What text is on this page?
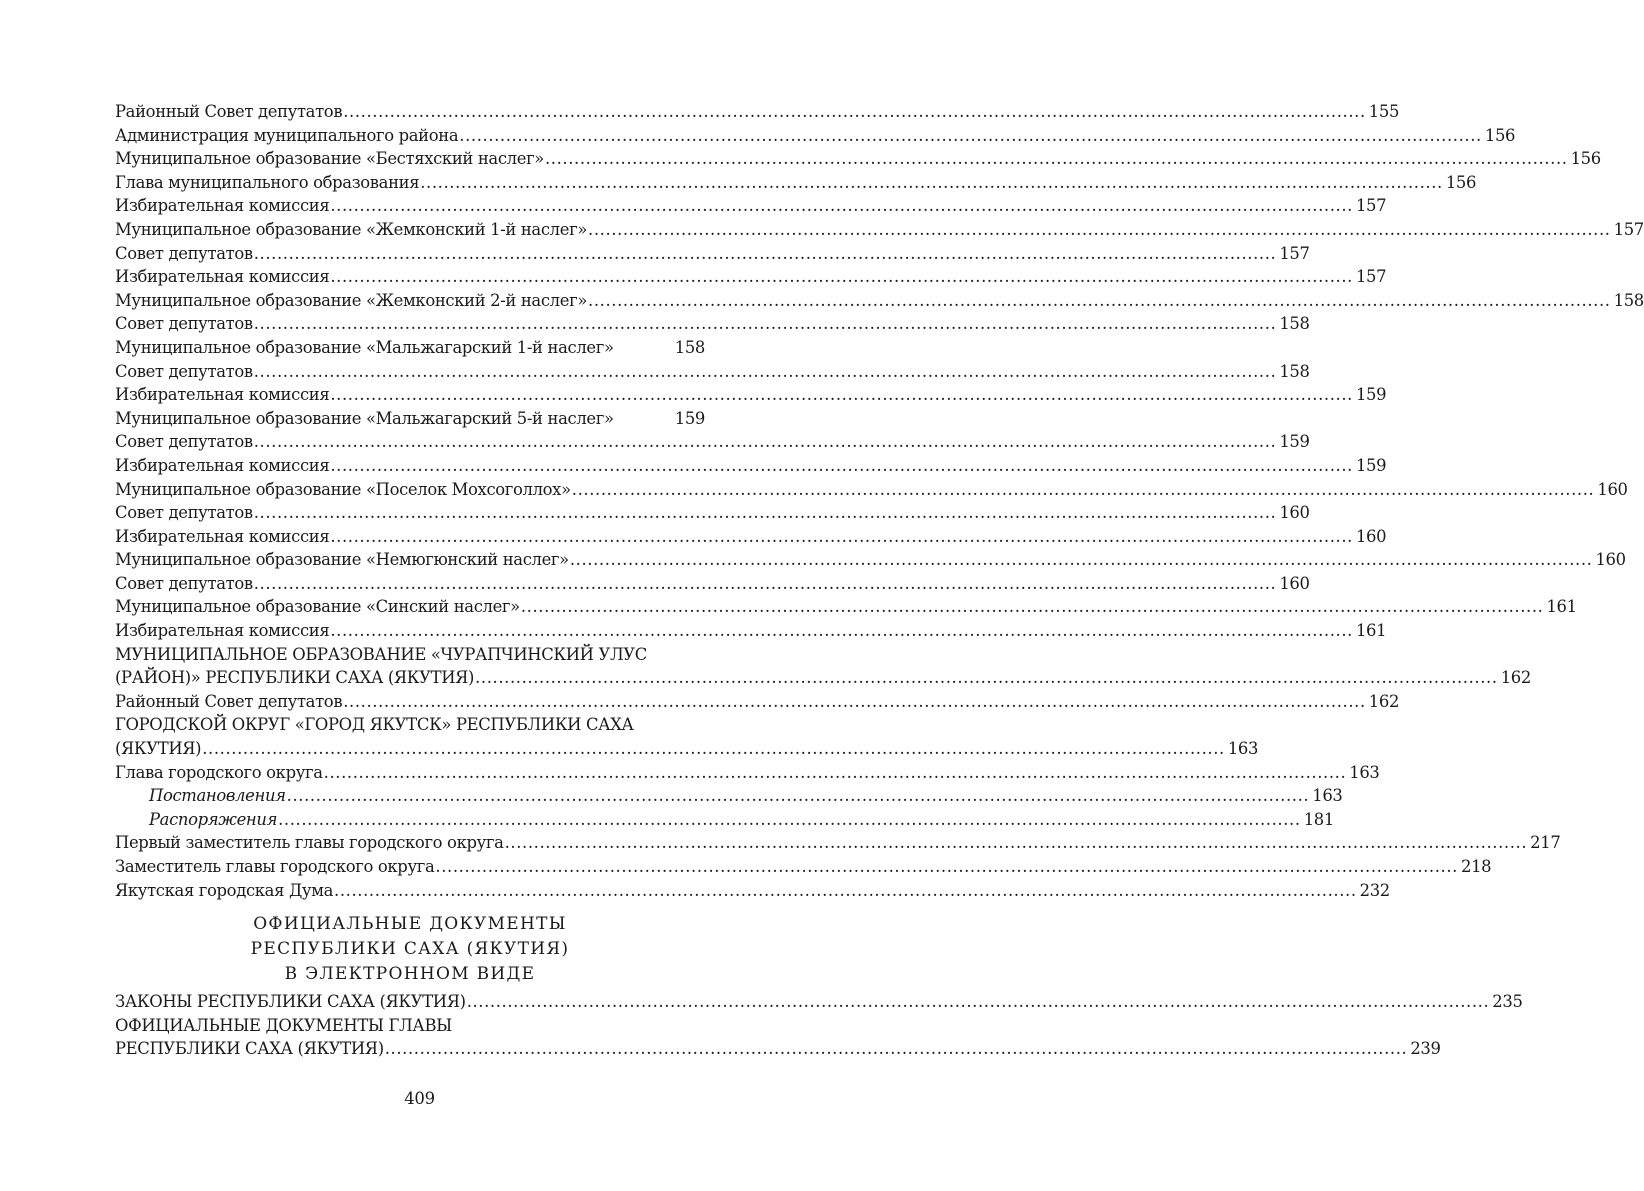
Районный Совет депутатов .....	155
Администрация муниципального района .....	156
Муниципальное образование «Бестяхский наслег» .....	156
Глава муниципального образования .....	156
Избирательная комиссия .....	157
Муниципальное образование «Жемконский 1-й наслег» .....	157
Совет депутатов .....	157
Избирательная комиссия .....	157
Муниципальное образование «Жемконский 2-й наслег» .....	158
Совет депутатов .....	158
Муниципальное образование «Мальжагарский 1-й наслег»	158
Совет депутатов .....	158
Избирательная комиссия .....	159
Муниципальное образование «Мальжагарский 5-й наслег»	159
Совет депутатов .....	159
Избирательная комиссия .....	159
Муниципальное образование «Поселок Мохсоголлох» .....	160
Совет депутатов .....	160
Избирательная комиссия .....	160
Муниципальное образование «Немюгюнский наслег» .....	160
Совет депутатов .....	160
Муниципальное образование «Синский наслег» .....	161
Избирательная комиссия .....	161
МУНИЦИПАЛЬНОЕ ОБРАЗОВАНИЕ «ЧУРАПЧИНСКИЙ УЛУС
(РАЙОН)» РЕСПУБЛИКИ САХА (ЯКУТИЯ) .....	162
Районный Совет депутатов .....	162
ГОРОДСКОЙ ОКРУГ «ГОРОД ЯКУТСК» РЕСПУБЛИКИ САХА
(ЯКУТИЯ) .....	163
Глава городского округа .....	163
Постановления .....	163
Распоряжения .....	181
Первый заместитель главы городского округа .....	217
Заместитель главы городского округа .....	218
Якутская городская Дума .....	232
ОФИЦИАЛЬНЫЕ ДОКУМЕНТЫ
РЕСПУБЛИКИ САХА (ЯКУТИЯ)
В ЭЛЕКТРОННОМ ВИДЕ
ЗАКОНЫ РЕСПУБЛИКИ САХА (ЯКУТИЯ) .....	235
ОФИЦИАЛЬНЫЕ ДОКУМЕНТЫ ГЛАВЫ
РЕСПУБЛИКИ САХА (ЯКУТИЯ) .....	239
409
